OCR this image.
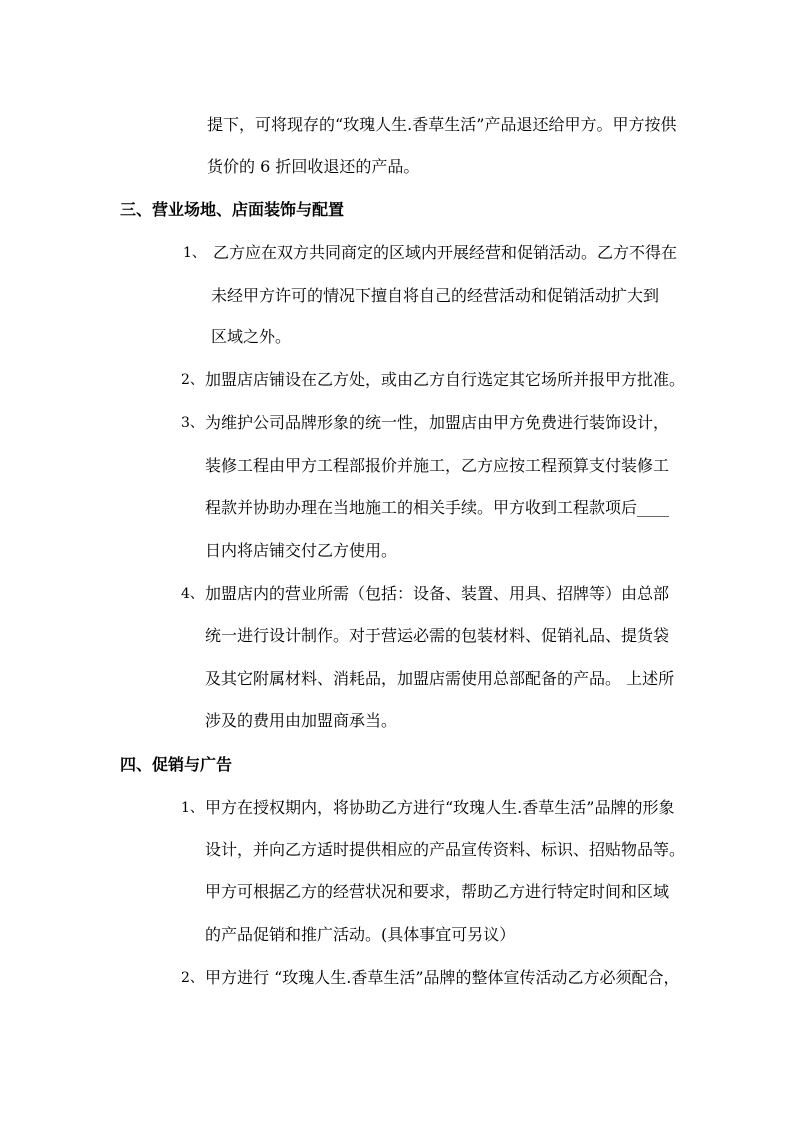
提下，可将现存的“玫瑰人生.香草生活”产品退还给甲方。甲方按供
货价的 6 折回收退还的产品。
三、营业场地、店面装饰与配置
1、 乙方应在双方共同商定的区域内开展经营和促销活动。乙方不得在
未经甲方许可的情况下擅自将自己的经营活动和促销活动扩大到
区域之外。
2、 加盟店店铺设在乙方处，或由乙方自行选定其它场所并报甲方批准。
3、 为维护公司品牌形象的统一性，加盟店由甲方免费进行装饰设计，
装修工程由甲方工程部报价并施工，乙方应按工程预算支付装修工
程款并协助办理在当地施工的相关手续。甲方收到工程款项后____
日内将店铺交付乙方使用。
4、 加盟店内的营业所需（包括：设备、装置、用具、招牌等）由总部
统一进行设计制作。对于营运必需的包装材料、促销礼品、提货袋
及其它附属材料、消耗品，加盟店需使用总部配备的产品。 上述所
涉及的费用由加盟商承当。
四、促销与广告
1、 甲方在授权期内，将协助乙方进行“玫瑰人生.香草生活”品牌的形象
设计，并向乙方适时提供相应的产品宣传资料、标识、招贴物品等。
甲方可根据乙方的经营状况和要求，帮助乙方进行特定时间和区域
的产品促销和推广活动。(具体事宜可另议）
2、 甲方进行 “玫瑰人生.香草生活”品牌的整体宣传活动乙方必须配合，
